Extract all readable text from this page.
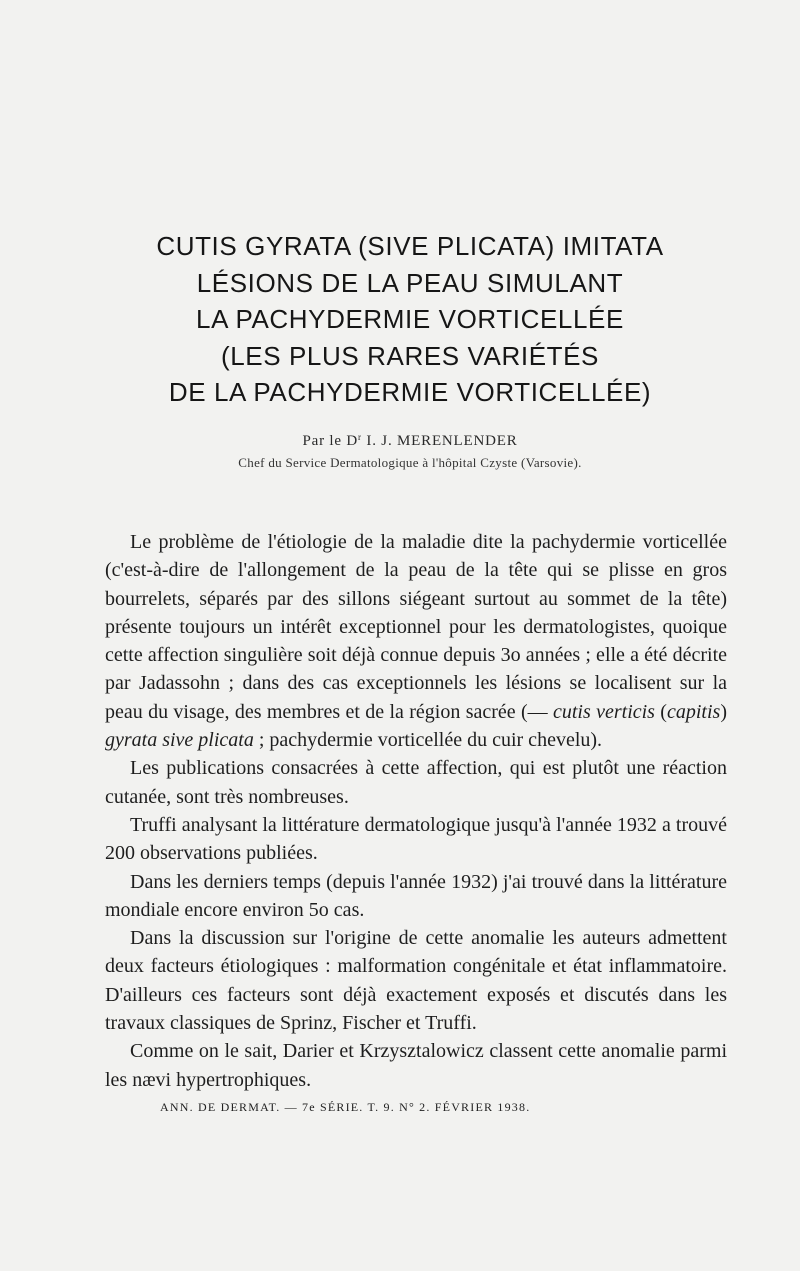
CUTIS GYRATA (SIVE PLICATA) IMITATA
LÉSIONS DE LA PEAU SIMULANT
LA PACHYDERMIE VORTICELLÉE
(LES PLUS RARES VARIÉTÉS
DE LA PACHYDERMIE VORTICELLÉE)
Par le $D^r$ I. J. MERENLENDER
Chef du Service Dermatologique à l'hôpital Czyste (Varsovie).

Le problème de l'étiologie de la maladie dite la pachydermie vorticellée (c'est-à-dire de l'allongement de la peau de la tête qui se plisse en gros bourrelets, séparés par des sillons siégeant surtout au sommet de la tête) présente toujours un intérêt exceptionnel pour les dermatologistes, quoique cette affection singulière soit déjà connue depuis 3o années ; elle a été décrite par Jadassohn ; dans des cas exceptionnels les lésions se localisent sur la peau du visage, des membres et de la région sacrée (— cutis verticis (capitis) gyrata sive plicata ; pachydermie vorticellée du cuir chevelu).

Les publications consacrées à cette affection, qui est plutôt une réaction cutanée, sont très nombreuses.

Truffi analysant la littérature dermatologique jusqu'à l'année 1932 a trouvé 200 observations publiées.

Dans les derniers temps (depuis l'année 1932) j'ai trouvé dans la littérature mondiale encore environ 5o cas.

Dans la discussion sur l'origine de cette anomalie les auteurs admettent deux facteurs étiologiques : malformation congénitale et état inflammatoire. D'ailleurs ces facteurs sont déjà exactement exposés et discutés dans les travaux classiques de Sprinz, Fischer et Truffi.

Comme on le sait, Darier et Krzysztalowicz classent cette anomalie parmi les nævi hypertrophiques.

ANN. DE DERMAT. — 7e SÉRIE. T. 9. N° 2. FÉVRIER 1938.
